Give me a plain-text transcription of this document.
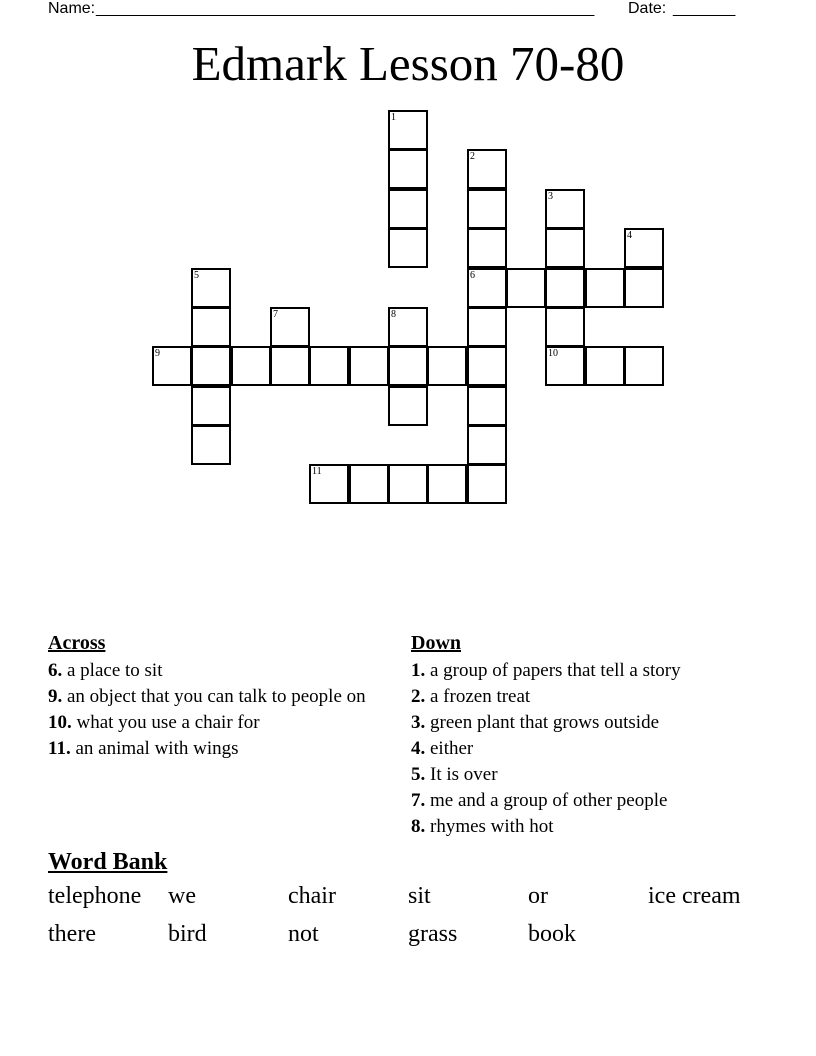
Name: ________________________________________________________ Date: _______
Edmark Lesson 70-80
1
2
6
3
4
5
7	8
9	10
11
Across
6. a place to sit
9. an object that you can talk to people on
10. what you use a chair for
11. an animal with wings
Down
1. a group of papers that tell a story
2. a frozen treat
3. green plant that grows outside
4. either
5. It is over
7. me and a group of other people
8. rhymes with hot
Word Bank
telephone	we	chair	sit	or	ice cream
there	bird	not	grass	book
